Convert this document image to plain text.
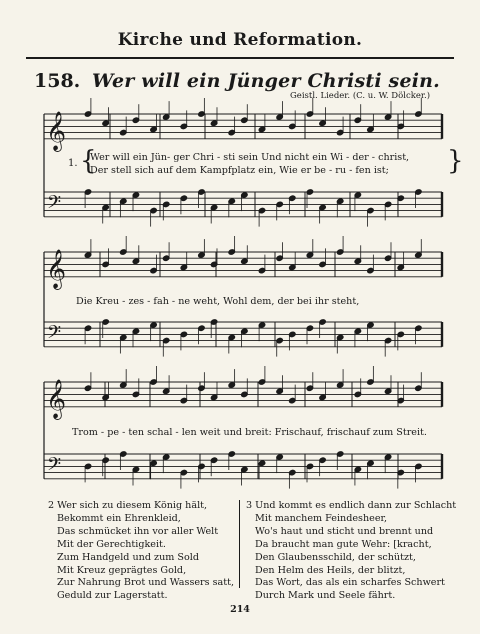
Kirche und Reformation.
158. Wer will ein Jünger Christi sein.
Geistl. Lieder. (C. u. W. Dölcker.)
𝄞
𝄢
𝄞
𝄢
𝄞
𝄢
1. {	}
Wer will ein Jün- ger Chri - sti sein Und nicht ein Wi - der - christ,
Der stell sich auf dem Kampfplatz ein, Wie er be - ru - fen ist;
Die Kreu - zes - fah - ne weht, Wohl dem, der bei ihr steht,
Trom - pe - ten schal - len weit und breit: Frischauf, frischauf zum Streit.
2 Wer sich zu diesem König hält,
Bekommt ein Ehrenkleid,
Das schmücket ihn vor aller Welt
Mit der Gerechtigkeit.
Zum Handgeld und zum Sold
Mit Kreuz geprägtes Gold,
Zur Nahrung Brot und Wassers satt,
Geduld zur Lagerstatt.
3 Und kommt es endlich dann zur Schlacht
Mit manchem Feindesheer,
Wo's haut und sticht und brennt und
Da braucht man gute Wehr: [kracht,
Den Glaubensschild, der schützt,
Den Helm des Heils, der blitzt,
Das Wort, das als ein scharfes Schwert
Durch Mark und Seele fährt.
214
